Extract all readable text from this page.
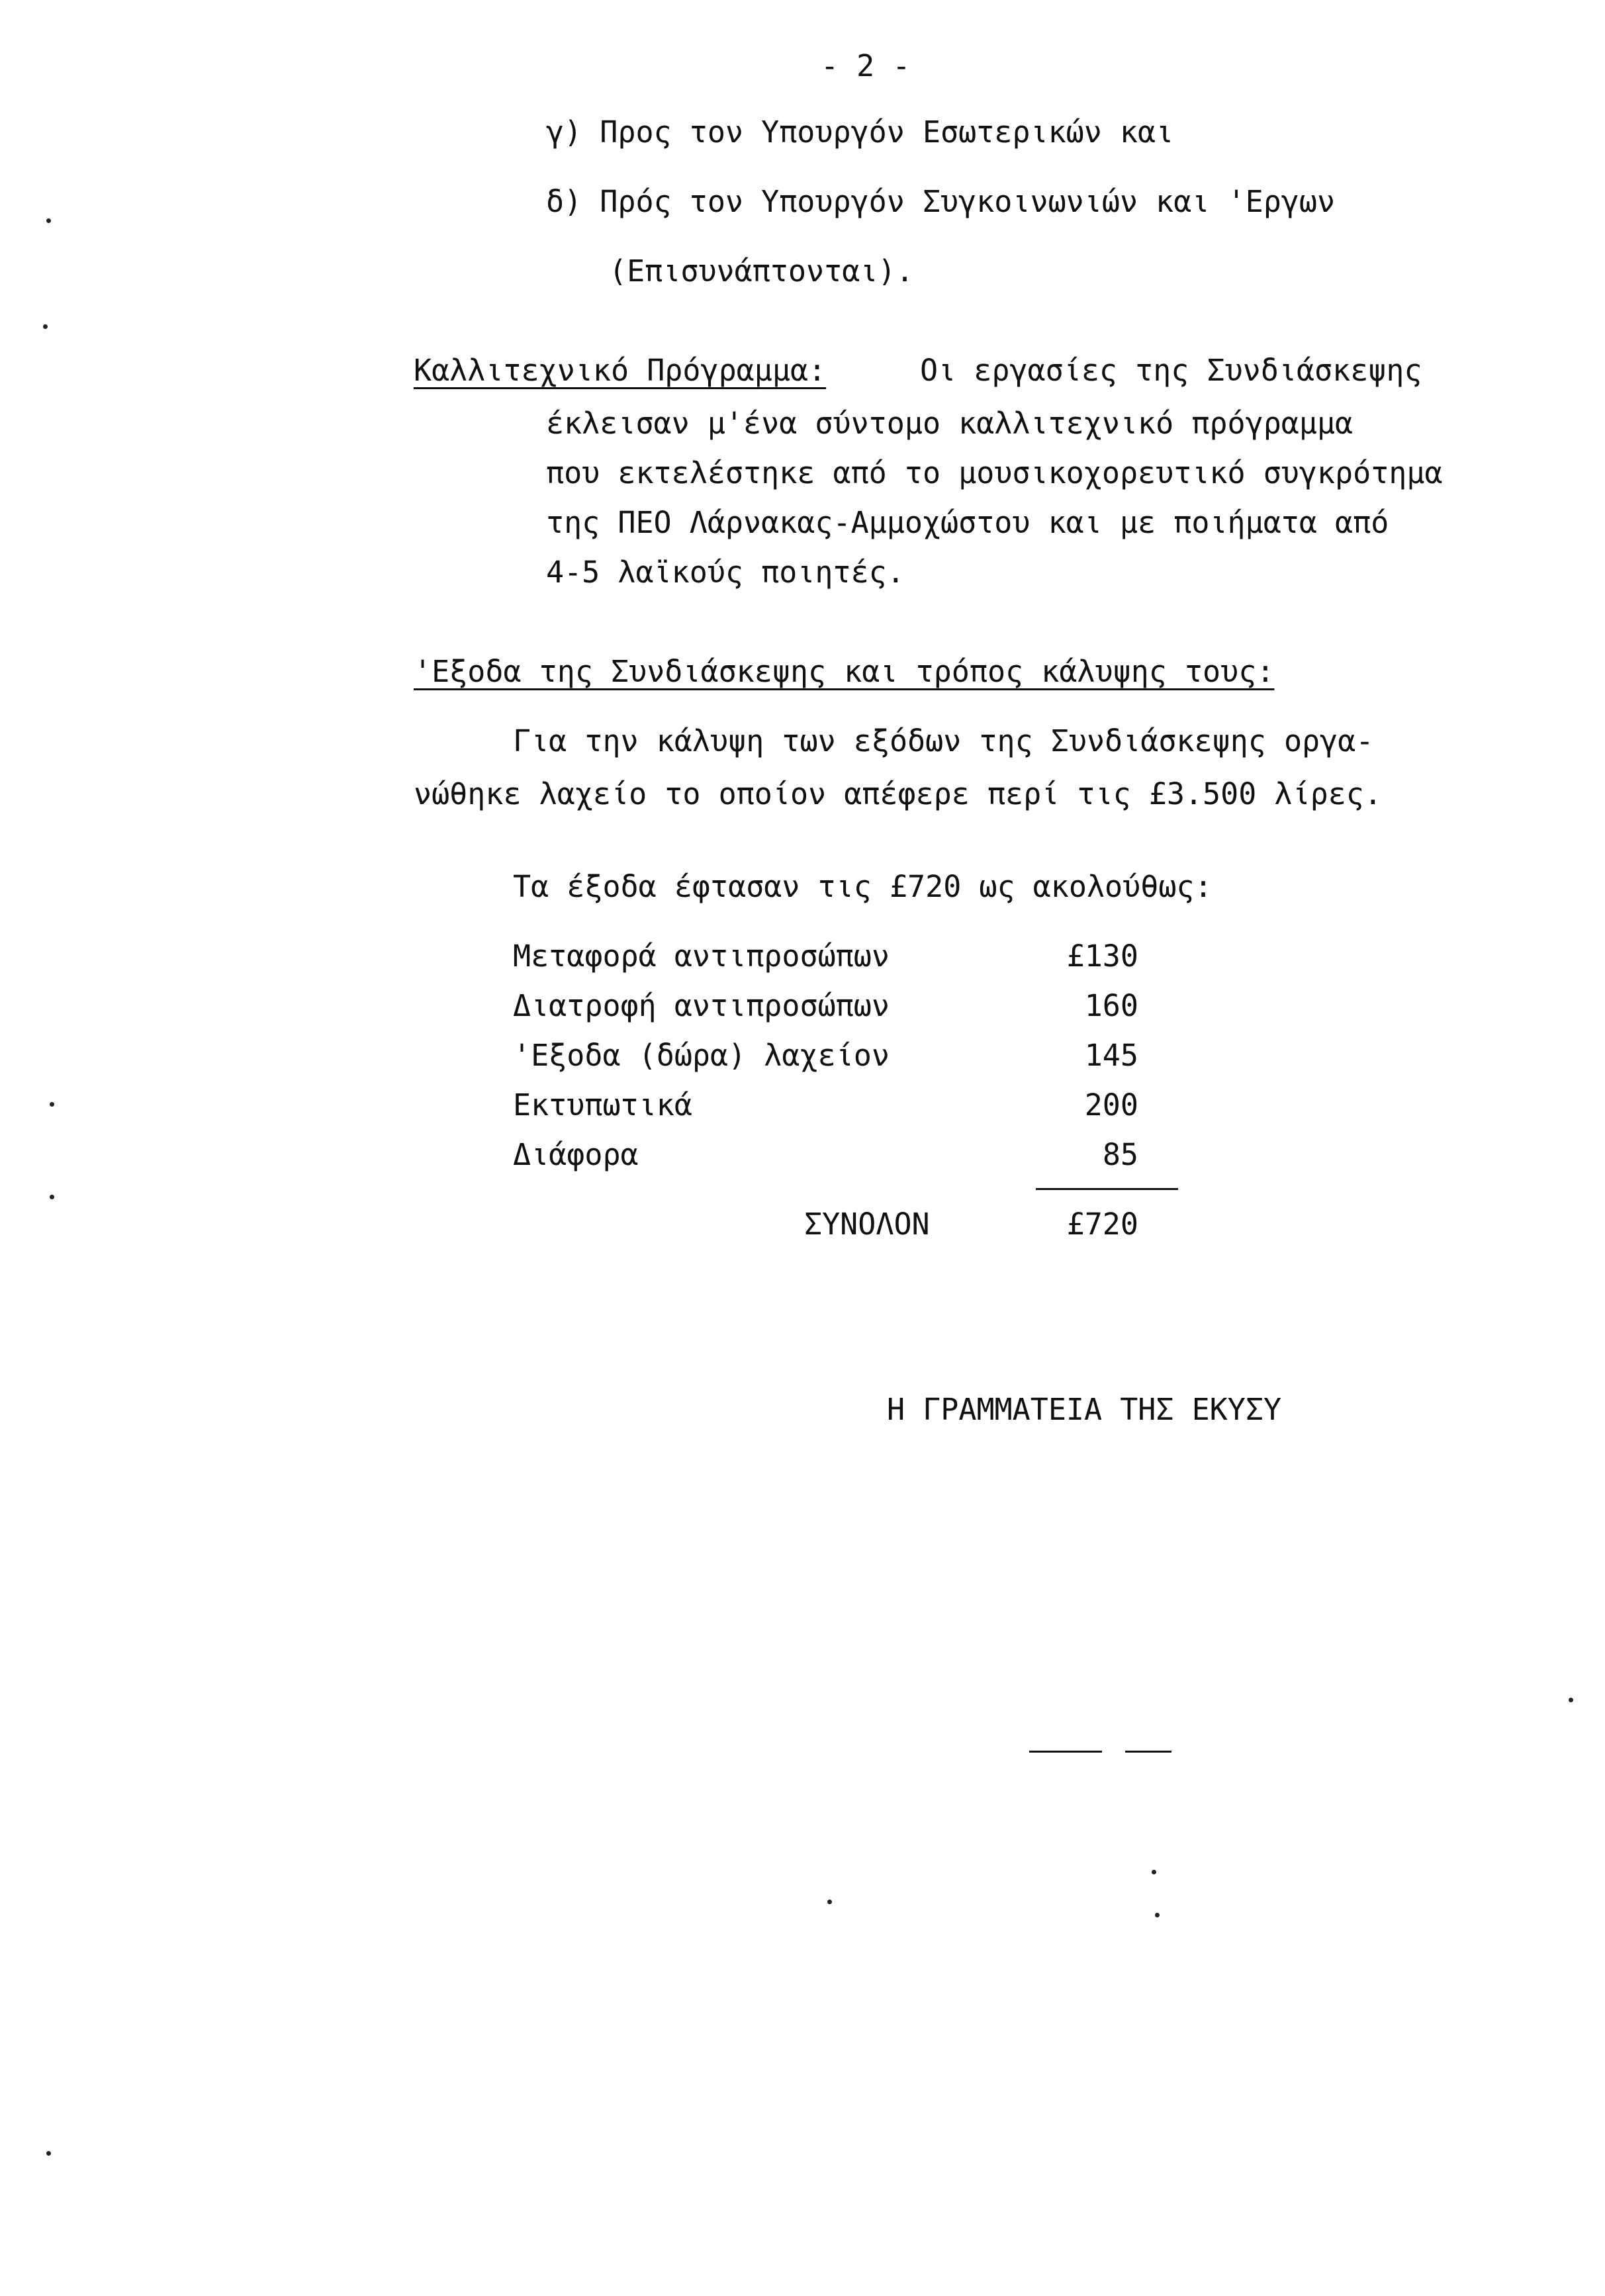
- 2 -
γ) Προς τον Υπουργόν Εσωτερικών και
δ) Πρός τον Υπουργόν Συγκοινωνιών και 'Εργων
(Επισυνάπτονται).
Καλλιτεχνικό Πρόγραμμα:	Οι εργασίες της Συνδιάσκεψης
έκλεισαν μ'ένα σύντομο καλλιτεχνικό πρόγραμμα
που εκτελέστηκε από το μουσικοχορευτικό συγκρότημα
της ΠΕΟ Λάρνακας-Αμμοχώστου και με ποιήματα από
4-5 λαϊκούς ποιητές.
'Εξοδα της Συνδιάσκεψης και τρόπος κάλυψης τους:
Για την κάλυψη των εξόδων της Συνδιάσκεψης οργα-
νώθηκε λαχείο το οποίον απέφερε περί τις £3.500 λίρες.
Τα έξοδα έφτασαν τις £720 ως ακολούθως:
Μεταφορά αντιπροσώπων	£130
Διατροφή αντιπροσώπων	160
'Εξοδα (δώρα) λαχείον	145
Εκτυπωτικά	200
Διάφορα	85
ΣΥΝΟΛΟΝ	£720
Η ΓΡΑΜΜΑΤΕΙΑ ΤΗΣ ΕΚΥΣΥ
